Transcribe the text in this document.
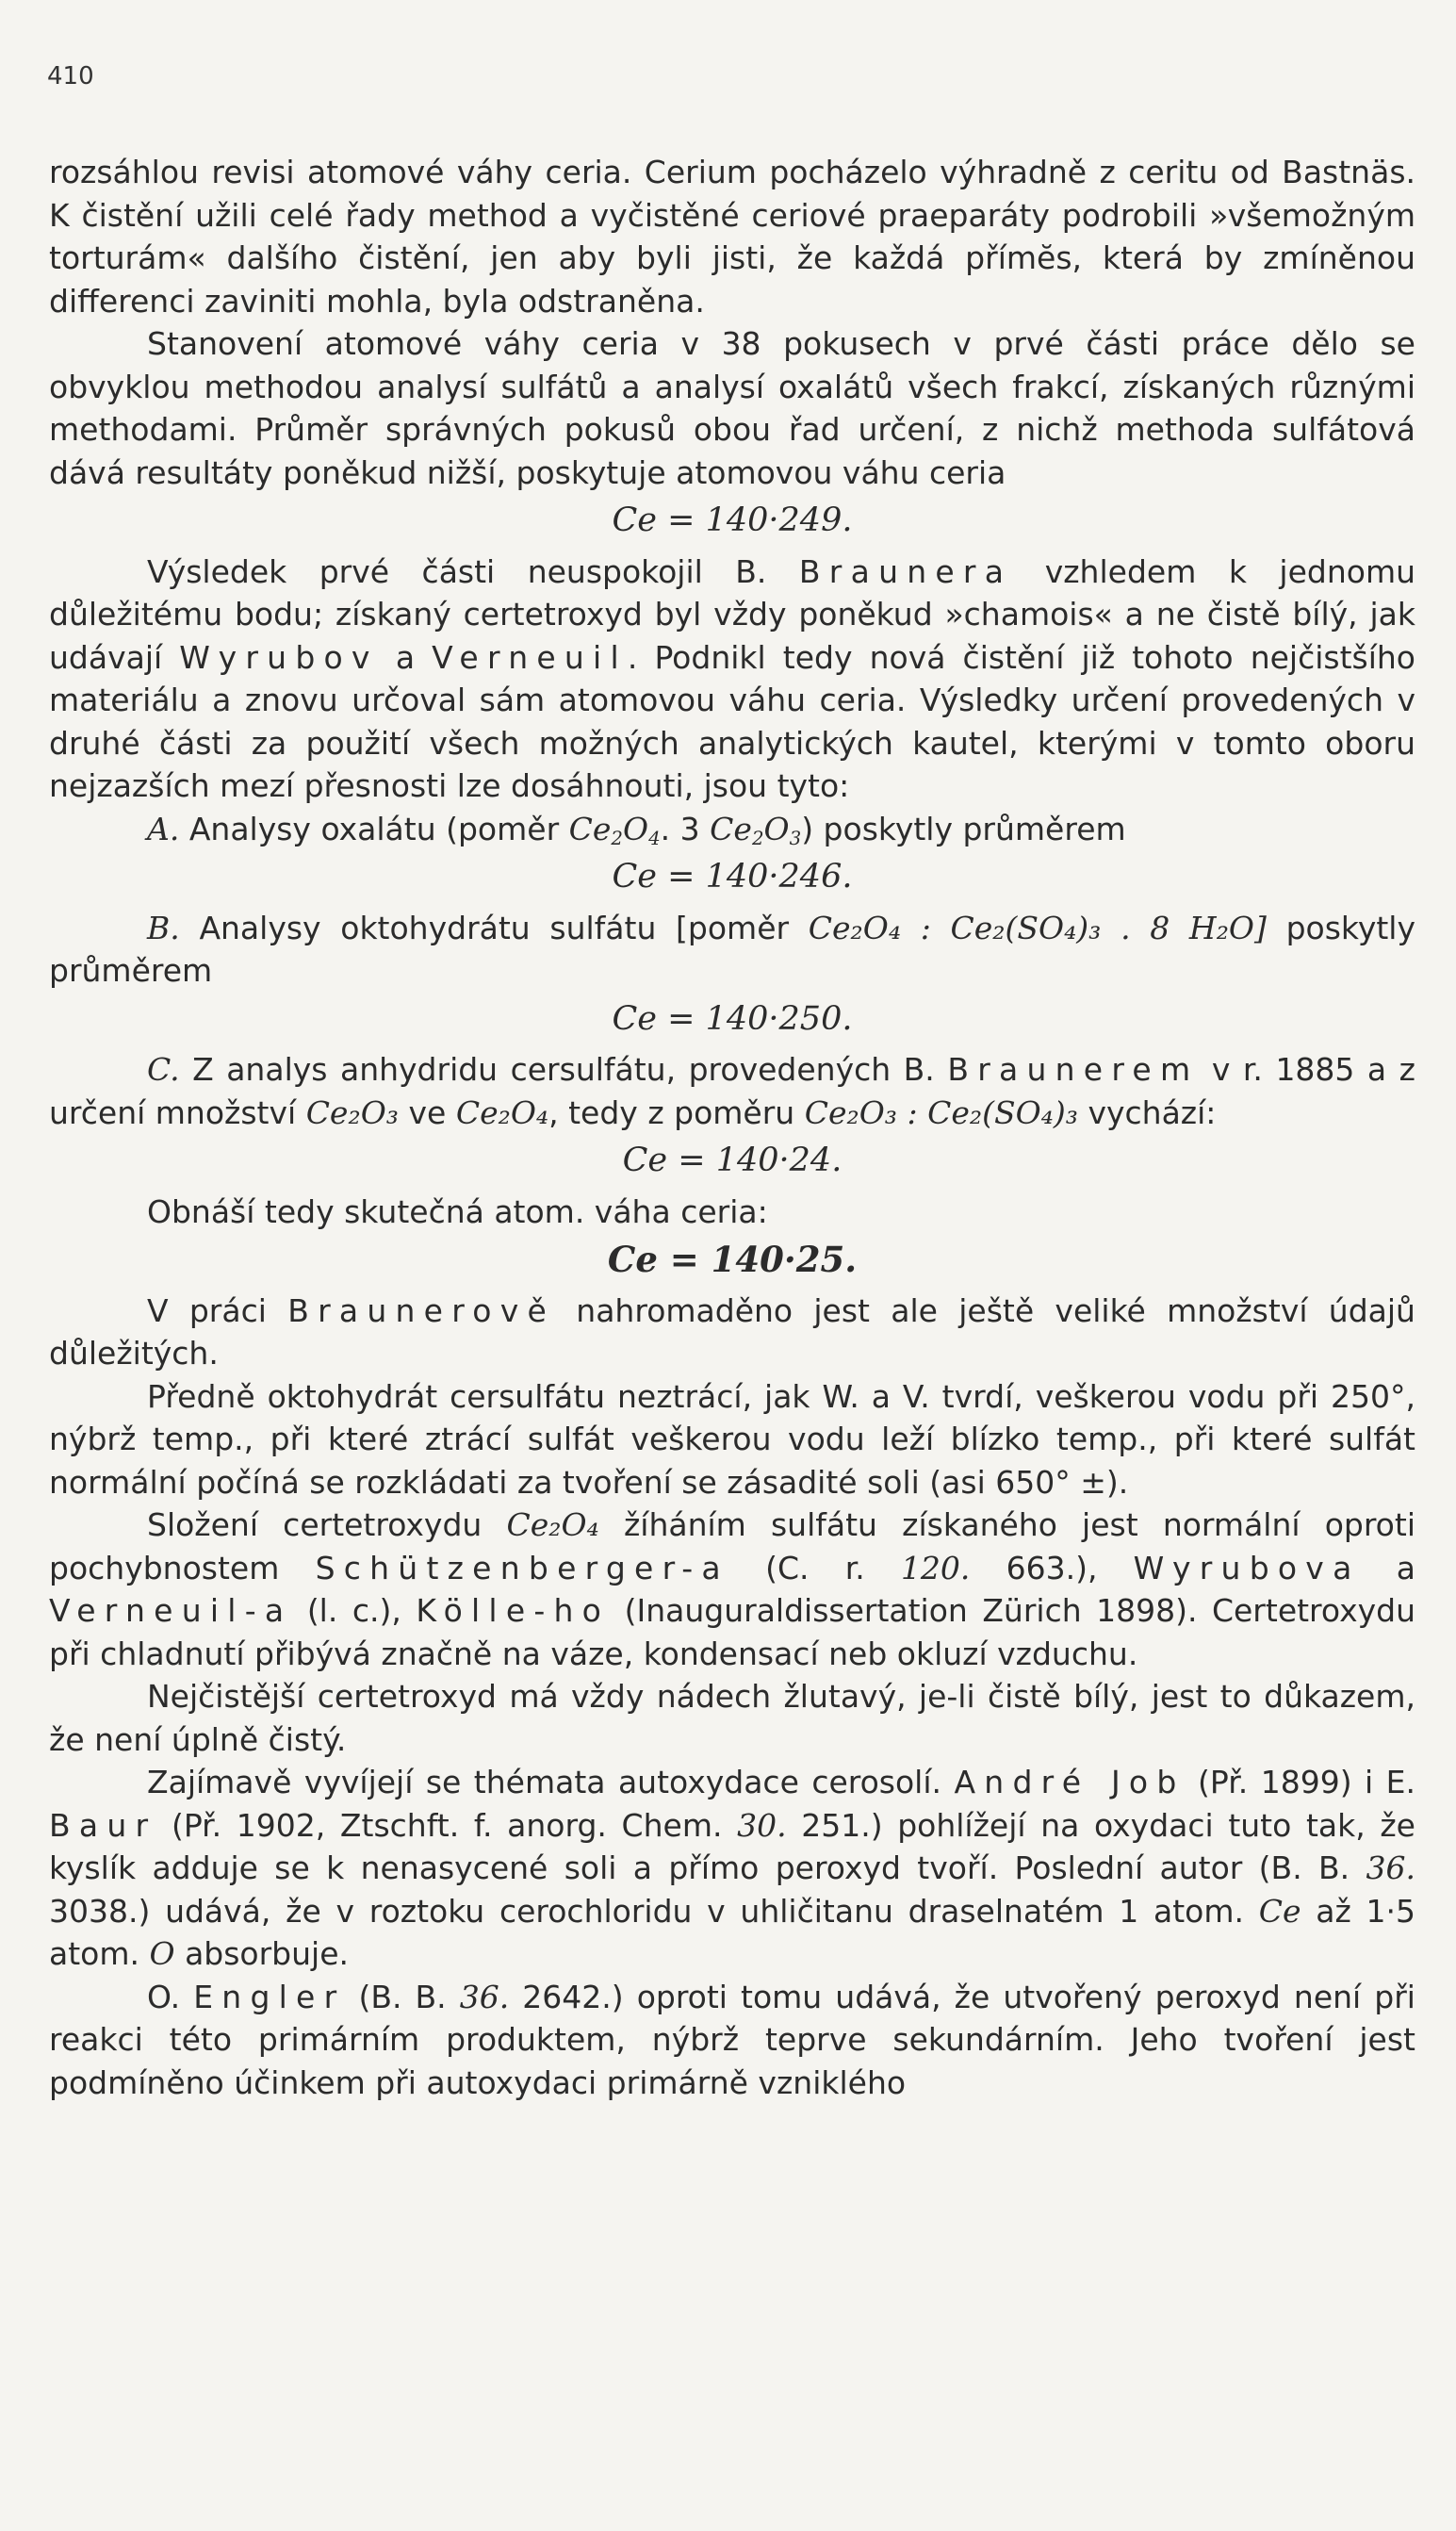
410

rozsáhlou revisi atomové váhy ceria. Cerium pocházelo výhradně z ceritu od Bastnäs. K čistění užili celé řady method a vyčistěné ceriové praeparáty podrobili »všemožným torturám« dalšího čistění, jen aby byli jisti, že každá přímĕs, která by zmíněnou differenci zaviniti mohla, byla odstraněna.

Stanovení atomové váhy ceria v 38 pokusech v prvé části práce dělo se obvyklou methodou analysí sulfátů a analysí oxalátů všech frakcí, získaných různými methodami. Průměr správných pokusů obou řad určení, z nichž methoda sulfátová dává resultáty poněkud nižší, poskytuje atomovou váhu ceria

Ce = 140·249.

Výsledek prvé části neuspokojil B. Braunera vzhledem k jednomu důležitému bodu; získaný certetroxyd byl vždy poněkud »chamois« a ne čistě bílý, jak udávají Wyrubov a Verneuil. Podnikl tedy nová čistění již tohoto nejčistšího materiálu a znovu určoval sám atomovou váhu ceria. Výsledky určení provedených v druhé části za použití všech možných analytických kautel, kterými v tomto oboru nejzazších mezí přesnosti lze dosáhnouti, jsou tyto:

A. Analysy oxalátu (poměr $Ce_2O_4$. 3 $Ce_2O_3$) poskytly průměrem

Ce = 140·246.

B. Analysy oktohydrátu sulfátu [poměr Ce₂O₄ : Ce₂(SO₄)₃ . 8 H₂O] poskytly průměrem

Ce = 140·250.

C. Z analys anhydridu cersulfátu, provedených B. Braunerem v r. 1885 a z určení množství Ce₂O₃ ve Ce₂O₄, tedy z poměru Ce₂O₃ : Ce₂(SO₄)₃ vychází:

Ce = 140·24.

Obnáší tedy skutečná atom. váha ceria:

Ce = 140·25.

V práci Braunerově nahromaděno jest ale ještě veliké množství údajů důležitých.

Předně oktohydrát cersulfátu neztrácí, jak W. a V. tvrdí, veškerou vodu při 250°, nýbrž temp., při které ztrácí sulfát veškerou vodu leží blízko temp., při které sulfát normální počíná se rozkládati za tvoření se zásadité soli (asi 650° ±).

Složení certetroxydu Ce₂O₄ žíháním sulfátu získaného jest normální oproti pochybnostem Schützenberger-a (C. r. 120. 663.), Wyrubova a Verneuil-a (l. c.), Kölle-ho (Inauguraldissertation Zürich 1898). Certetroxydu při chladnutí přibývá značně na váze, kondensací neb okluzí vzduchu.

Nejčistější certetroxyd má vždy nádech žlutavý, je-li čistě bílý, jest to důkazem, že není úplně čistý.

Zajímavě vyvíjejí se thémata autoxydace cerosolí. André Job (Př. 1899) i E. Baur (Př. 1902, Ztschft. f. anorg. Chem. 30. 251.) pohlížejí na oxydaci tuto tak, že kyslík adduje se k nenasycené soli a přímo peroxyd tvoří. Poslední autor (B. B. 36. 3038.) udává, že v roztoku cerochloridu v uhličitanu draselnatém 1 atom. Ce až 1·5 atom. O absorbuje.

O. Engler (B. B. 36. 2642.) oproti tomu udává, že utvořený peroxyd není při reakci této primárním produktem, nýbrž teprve sekundárním. Jeho tvoření jest podmíněno účinkem při autoxydaci primárně vzniklého
